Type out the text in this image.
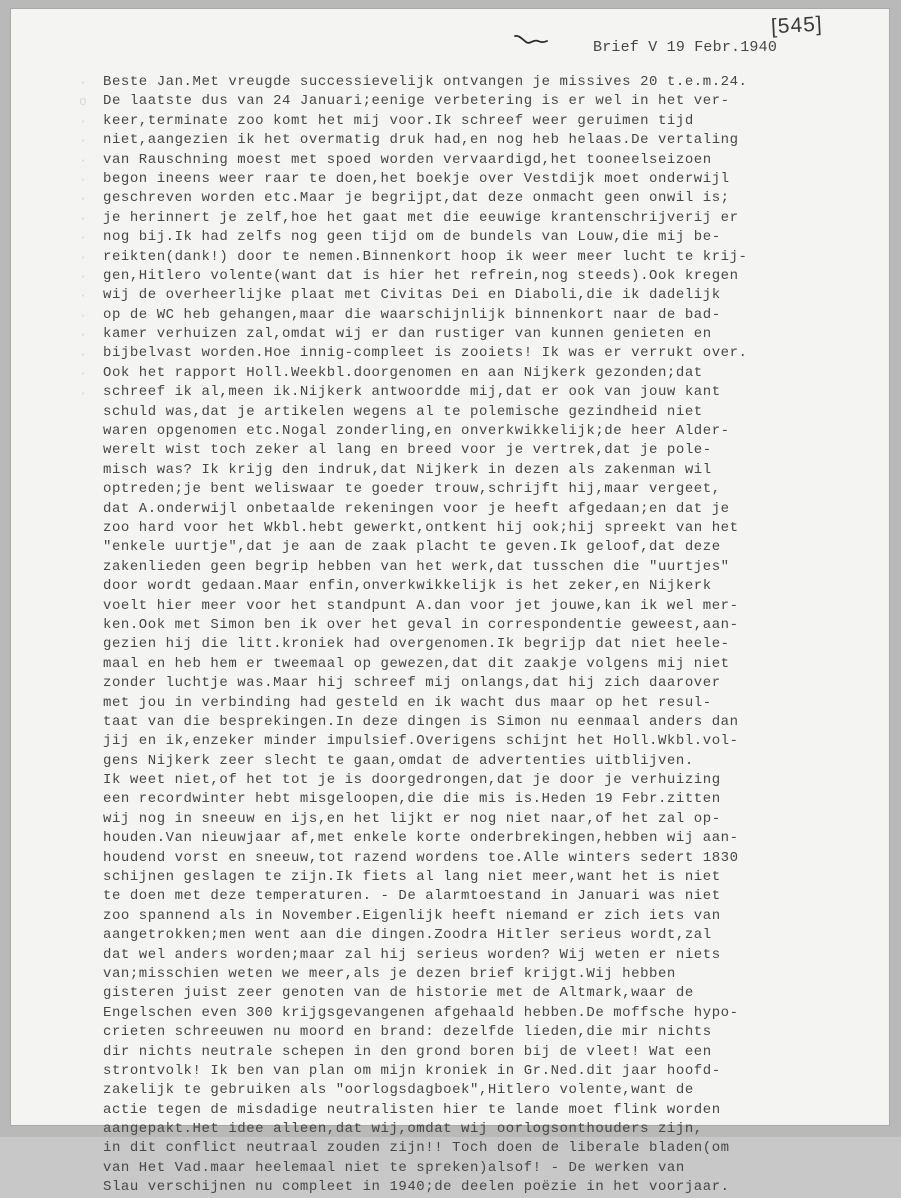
·
o
·
·
·
·
·
·
·
·
·
·
·
·
·
·
·
[545]
Brief V 19 Febr.1940
Beste Jan.Met vreugde successievelijk ontvangen je missives 20 t.e.m.24.
De laatste dus van 24 Januari;eenige verbetering is er wel in het ver-
keer,terminate zoo komt het mij voor.Ik schreef weer geruimen tijd
niet,aangezien ik het overmatig druk had,en nog heb helaas.De vertaling
van Rauschning moest met spoed worden vervaardigd,het tooneelseizoen
begon ineens weer raar te doen,het boekje over Vestdijk moet onderwijl
geschreven worden etc.Maar je begrijpt,dat deze onmacht geen onwil is;
je herinnert je zelf,hoe het gaat met die eeuwige krantenschrijverij er
nog bij.Ik had zelfs nog geen tijd om de bundels van Louw,die mij be-
reikten(dank!) door te nemen.Binnenkort hoop ik weer meer lucht te krij-
gen,Hitlero volente(want dat is hier het refrein,nog steeds).Ook kregen
wij de overheerlijke plaat met Civitas Dei en Diaboli,die ik dadelijk
op de WC heb gehangen,maar die waarschijnlijk binnenkort naar de bad-
kamer verhuizen zal,omdat wij er dan rustiger van kunnen genieten en
bijbelvast worden.Hoe innig-compleet is zooiets! Ik was er verrukt over.
Ook het rapport Holl.Weekbl.doorgenomen en aan Nijkerk gezonden;dat
schreef ik al,meen ik.Nijkerk antwoordde mij,dat er ook van jouw kant
schuld was,dat je artikelen wegens al te polemische gezindheid niet
waren opgenomen etc.Nogal zonderling,en onverkwikkelijk;de heer Alder-
werelt wist toch zeker al lang en breed voor je vertrek,dat je pole-
misch was? Ik krijg den indruk,dat Nijkerk in dezen als zakenman wil
optreden;je bent weliswaar te goeder trouw,schrijft hij,maar vergeet,
dat A.onderwijl onbetaalde rekeningen voor je heeft afgedaan;en dat je
zoo hard voor het Wkbl.hebt gewerkt,ontkent hij ook;hij spreekt van het
"enkele uurtje",dat je aan de zaak placht te geven.Ik geloof,dat deze
zakenlieden geen begrip hebben van het werk,dat tusschen die "uurtjes"
door wordt gedaan.Maar enfin,onverkwikkelijk is het zeker,en Nijkerk
voelt hier meer voor het standpunt A.dan voor jet jouwe,kan ik wel mer-
ken.Ook met Simon ben ik over het geval in correspondentie geweest,aan-
gezien hij die litt.kroniek had overgenomen.Ik begrijp dat niet heele-
maal en heb hem er tweemaal op gewezen,dat dit zaakje volgens mij niet
zonder luchtje was.Maar hij schreef mij onlangs,dat hij zich daarover
met jou in verbinding had gesteld en ik wacht dus maar op het resul-
taat van die besprekingen.In deze dingen is Simon nu eenmaal anders dan
jij en ik,enzeker minder impulsief.Overigens schijnt het Holl.Wkbl.vol-
gens Nijkerk zeer slecht te gaan,omdat de advertenties uitblijven.
Ik weet niet,of het tot je is doorgedrongen,dat je door je verhuizing
een recordwinter hebt misgeloopen,die die mis is.Heden 19 Febr.zitten
wij nog in sneeuw en ijs,en het lijkt er nog niet naar,of het zal op-
houden.Van nieuwjaar af,met enkele korte onderbrekingen,hebben wij aan-
houdend vorst en sneeuw,tot razend wordens toe.Alle winters sedert 1830
schijnen geslagen te zijn.Ik fiets al lang niet meer,want het is niet
te doen met deze temperaturen. - De alarmtoestand in Januari was niet
zoo spannend als in November.Eigenlijk heeft niemand er zich iets van
aangetrokken;men went aan die dingen.Zoodra Hitler serieus wordt,zal
dat wel anders worden;maar zal hij serieus worden? Wij weten er niets
van;misschien weten we meer,als je dezen brief krijgt.Wij hebben
gisteren juist zeer genoten van de historie met de Altmark,waar de
Engelschen even 300 krijgsgevangenen afgehaald hebben.De moffsche hypo-
crieten schreeuwen nu moord en brand: dezelfde lieden,die mir nichts
dir nichts neutrale schepen in den grond boren bij de vleet! Wat een
strontvolk! Ik ben van plan om mijn kroniek in Gr.Ned.dit jaar hoofd-
zakelijk te gebruiken als "oorlogsdagboek",Hitlero volente,want de
actie tegen de misdadige neutralisten hier te lande moet flink worden
aangepakt.Het idee alleen,dat wij,omdat wij oorlogsonthouders zijn,
in dit conflict neutraal zouden zijn!! Toch doen de liberale bladen(om
van Het Vad.maar heelemaal niet te spreken)alsof! - De werken van
Slau verschijnen nu compleet in 1940;de deelen poëzie in het voorjaar.
